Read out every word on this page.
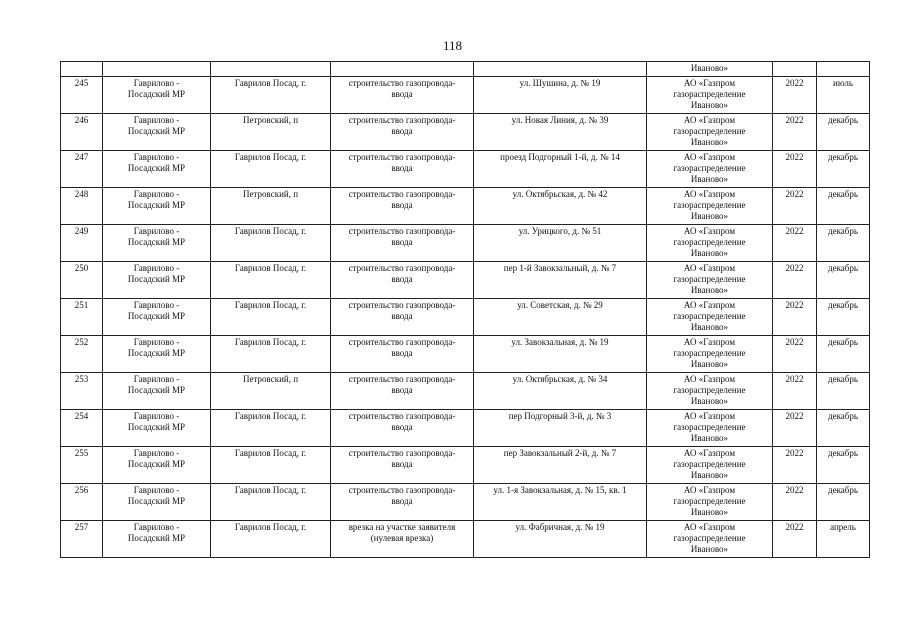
118
					Иваново»		

245	Гаврилово -
Посадский МР	Гаврилов Посад, г.	строительство газопровода-
ввода	ул. Шушина, д. № 19	АО «Газпром
газораспределение
Иваново»	2022	июль

246	Гаврилово -
Посадский МР	Петровский, п	строительство газопровода-
ввода	ул. Новая Линия, д. № 39	АО «Газпром
газораспределение
Иваново»	2022	декабрь

247	Гаврилово -
Посадский МР	Гаврилов Посад, г.	строительство газопровода-
ввода	проезд Подгорный 1-й, д. № 14	АО «Газпром
газораспределение
Иваново»	2022	декабрь

248	Гаврилово -
Посадский МР	Петровский, п	строительство газопровода-
ввода	ул. Октябрьская, д. № 42	АО «Газпром
газораспределение
Иваново»	2022	декабрь

249	Гаврилово -
Посадский МР	Гаврилов Посад, г.	строительство газопровода-
ввода	ул. Урицкого, д. № 51	АО «Газпром
газораспределение
Иваново»	2022	декабрь

250	Гаврилово -
Посадский МР	Гаврилов Посад, г.	строительство газопровода-
ввода	пер 1-й Завокзальный, д. № 7	АО «Газпром
газораспределение
Иваново»	2022	декабрь

251	Гаврилово -
Посадский МР	Гаврилов Посад, г.	строительство газопровода-
ввода	ул. Советская, д. № 29	АО «Газпром
газораспределение
Иваново»	2022	декабрь

252	Гаврилово -
Посадский МР	Гаврилов Посад, г.	строительство газопровода-
ввода	ул. Завокзальная, д. № 19	АО «Газпром
газораспределение
Иваново»	2022	декабрь

253	Гаврилово -
Посадский МР	Петровский, п	строительство газопровода-
ввода	ул. Октябрьская, д. № 34	АО «Газпром
газораспределение
Иваново»	2022	декабрь

254	Гаврилово -
Посадский МР	Гаврилов Посад, г.	строительство газопровода-
ввода	пер Подгорный 3-й, д. № 3	АО «Газпром
газораспределение
Иваново»	2022	декабрь

255	Гаврилово -
Посадский МР	Гаврилов Посад, г.	строительство газопровода-
ввода	пер Завокзальный 2-й, д. № 7	АО «Газпром
газораспределение
Иваново»	2022	декабрь

256	Гаврилово -
Посадский МР	Гаврилов Посад, г.	строительство газопровода-
ввода	ул. 1-я Завокзальная, д. № 15, кв. 1	АО «Газпром
газораспределение
Иваново»	2022	декабрь

257	Гаврилово -
Посадский МР	Гаврилов Посад, г.	врезка на участке заявителя
(нулевая врезка)	ул. Фабричная, д. № 19	АО «Газпром
газораспределение
Иваново»	2022	апрель
